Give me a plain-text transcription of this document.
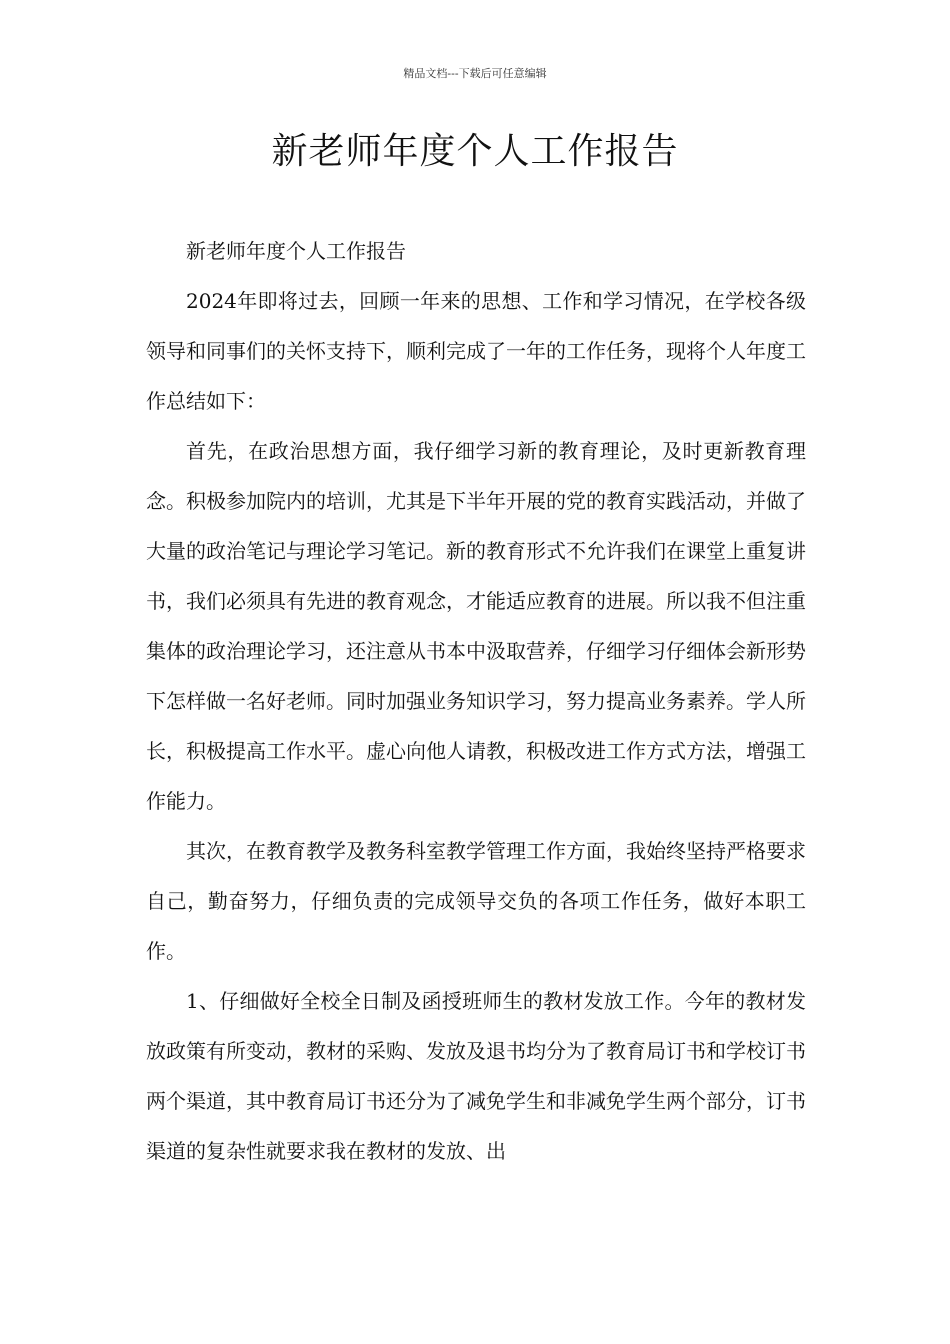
精品文档---下载后可任意编辑
新老师年度个人工作报告

新老师年度个人工作报告

2024年即将过去，回顾一年来的思想、工作和学习情况，在学校各级领导和同事们的关怀支持下，顺利完成了一年的工作任务，现将个人年度工作总结如下：

首先，在政治思想方面，我仔细学习新的教育理论，及时更新教育理念。积极参加院内的培训，尤其是下半年开展的党的教育实践活动，并做了大量的政治笔记与理论学习笔记。新的教育形式不允许我们在课堂上重复讲书，我们必须具有先进的教育观念，才能适应教育的进展。所以我不但注重集体的政治理论学习，还注意从书本中汲取营养，仔细学习仔细体会新形势下怎样做一名好老师。同时加强业务知识学习，努力提高业务素养。学人所长，积极提高工作水平。虚心向他人请教，积极改进工作方式方法，增强工作能力。

其次，在教育教学及教务科室教学管理工作方面，我始终坚持严格要求自己，勤奋努力，仔细负责的完成领导交负的各项工作任务，做好本职工作。

1、仔细做好全校全日制及函授班师生的教材发放工作。今年的教材发放政策有所变动，教材的采购、发放及退书均分为了教育局订书和学校订书两个渠道，其中教育局订书还分为了减免学生和非减免学生两个部分，订书渠道的复杂性就要求我在教材的发放、出
